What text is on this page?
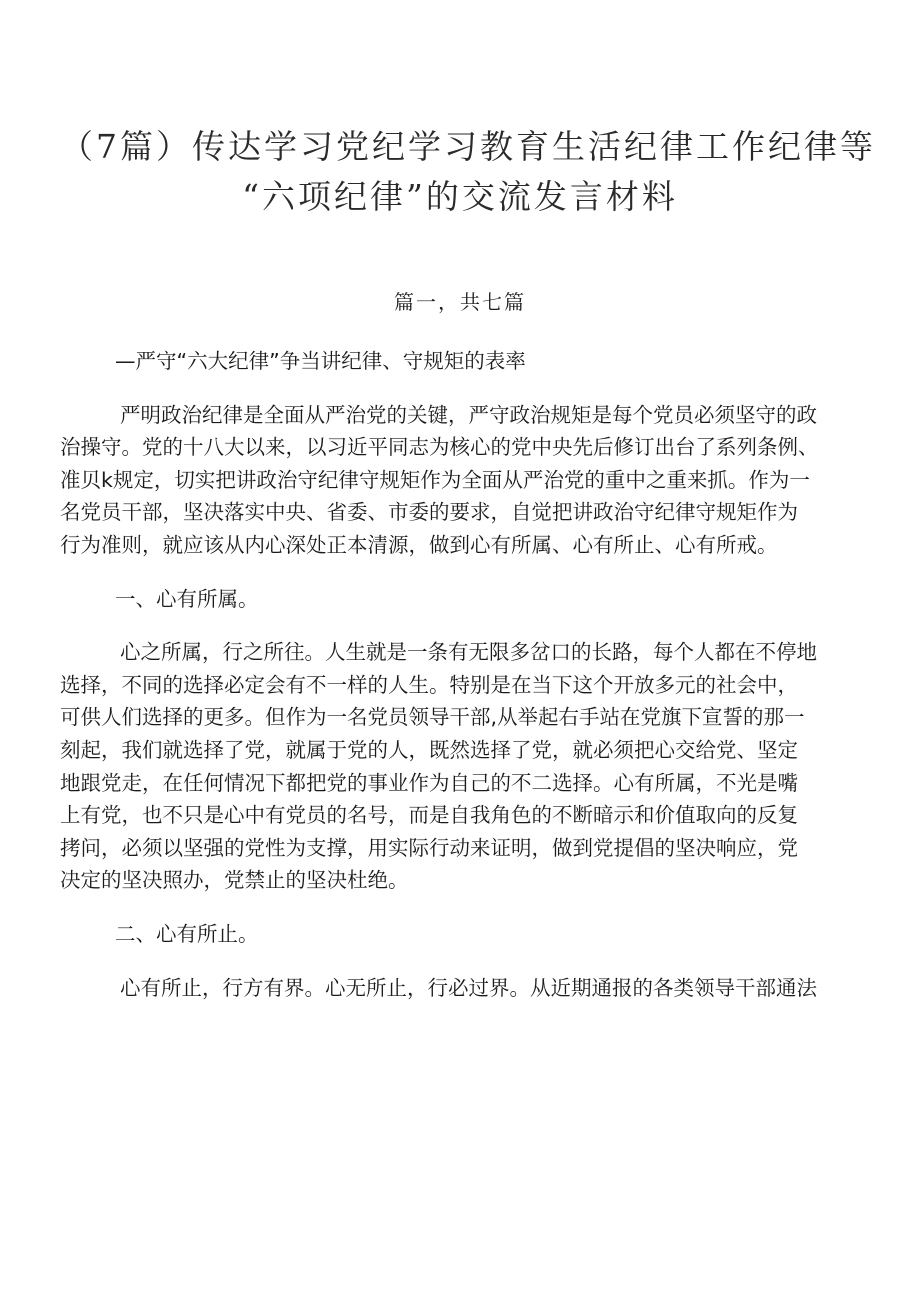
（7篇）传达学习党纪学习教育生活纪律工作纪律等
“六项纪律”的交流发言材料

篇一，共七篇

—严守“六大纪律”争当讲纪律、守规矩的表率
严明政治纪律是全面从严治党的关键，严守政治规矩是每个党员必须坚守的政
治操守。党的十八大以来，以习近平同志为核心的党中央先后修订出台了系列条例、
准贝k规定，切实把讲政治守纪律守规矩作为全面从严治党的重中之重来抓。作为一
名党员干部，坚决落实中央、省委、市委的要求，自觉把讲政治守纪律守规矩作为
行为准则，就应该从内心深处正本清源，做到心有所属、心有所止、心有所戒。
一、心有所属。
心之所属，行之所往。人生就是一条有无限多岔口的长路，每个人都在不停地
选择，不同的选择必定会有不一样的人生。特别是在当下这个开放多元的社会中，
可供人们选择的更多。但作为一名党员领导干部,从举起右手站在党旗下宣誓的那一
刻起，我们就选择了党，就属于党的人，既然选择了党，就必须把心交给党、坚定
地跟党走，在任何情况下都把党的事业作为自己的不二选择。心有所属，不光是嘴
上有党，也不只是心中有党员的名号，而是自我角色的不断暗示和价值取向的反复
拷问，必须以坚强的党性为支撑，用实际行动来证明，做到党提倡的坚决响应，党
决定的坚决照办，党禁止的坚决杜绝。
二、心有所止。
心有所止，行方有界。心无所止，行必过界。从近期通报的各类领导干部通法
